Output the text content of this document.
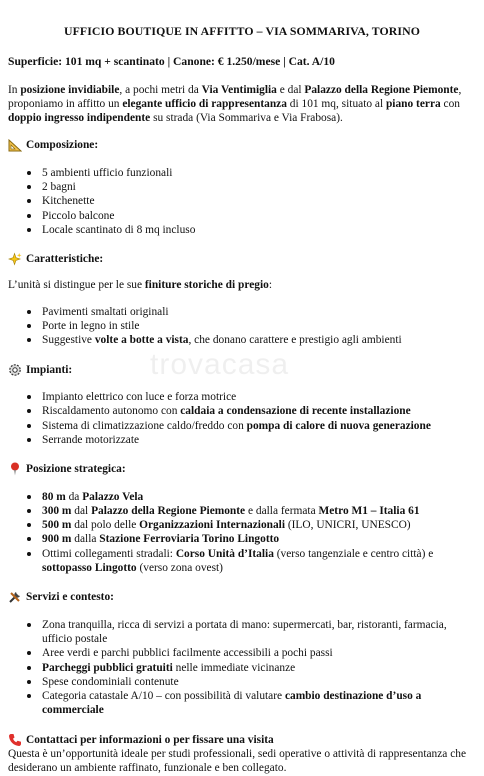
trovacasa
UFFICIO BOUTIQUE IN AFFITTO – VIA SOMMARIVA, TORINO
Superficie: 101 mq + scantinato | Canone: € 1.250/mese | Cat. A/10

In posizione invidiabile, a pochi metri da Via Ventimiglia e dal Palazzo della Regione Piemonte, proponiamo in affitto un elegante ufficio di rappresentanza di 101 mq, situato al piano terra con doppio ingresso indipendente su strada (Via Sommariva e Via Frabosa).

Composizione:
5 ambienti ufficio funzionali
2 bagni
Kitchenette
Piccolo balcone
Locale scantinato di 8 mq incluso
Caratteristiche:

L’unità si distingue per le sue finiture storiche di pregio:

Pavimenti smaltati originali
Porte in legno in stile
Suggestive volte a botte a vista, che donano carattere e prestigio agli ambienti
Impianti:
Impianto elettrico con luce e forza motrice
Riscaldamento autonomo con caldaia a condensazione di recente installazione
Sistema di climatizzazione caldo/freddo con pompa di calore di nuova generazione
Serrande motorizzate
Posizione strategica:
80 m da Palazzo Vela
300 m dal Palazzo della Regione Piemonte e dalla fermata Metro M1 – Italia 61
500 m dal polo delle Organizzazioni Internazionali (ILO, UNICRI, UNESCO)
900 m dalla Stazione Ferroviaria Torino Lingotto
Ottimi collegamenti stradali: Corso Unità d’Italia (verso tangenziale e centro città) e sottopasso Lingotto (verso zona ovest)
Servizi e contesto:
Zona tranquilla, ricca di servizi a portata di mano: supermercati, bar, ristoranti, farmacia, ufficio postale
Aree verdi e parchi pubblici facilmente accessibili a pochi passi
Parcheggi pubblici gratuiti nelle immediate vicinanze
Spese condominiali contenute
Categoria catastale A/10 – con possibilità di valutare cambio destinazione d’uso a commerciale
Contattaci per informazioni o per fissare una visita

Questa è un’opportunità ideale per studi professionali, sedi operative o attività di rappresentanza che desiderano un ambiente raffinato, funzionale e ben collegato.
